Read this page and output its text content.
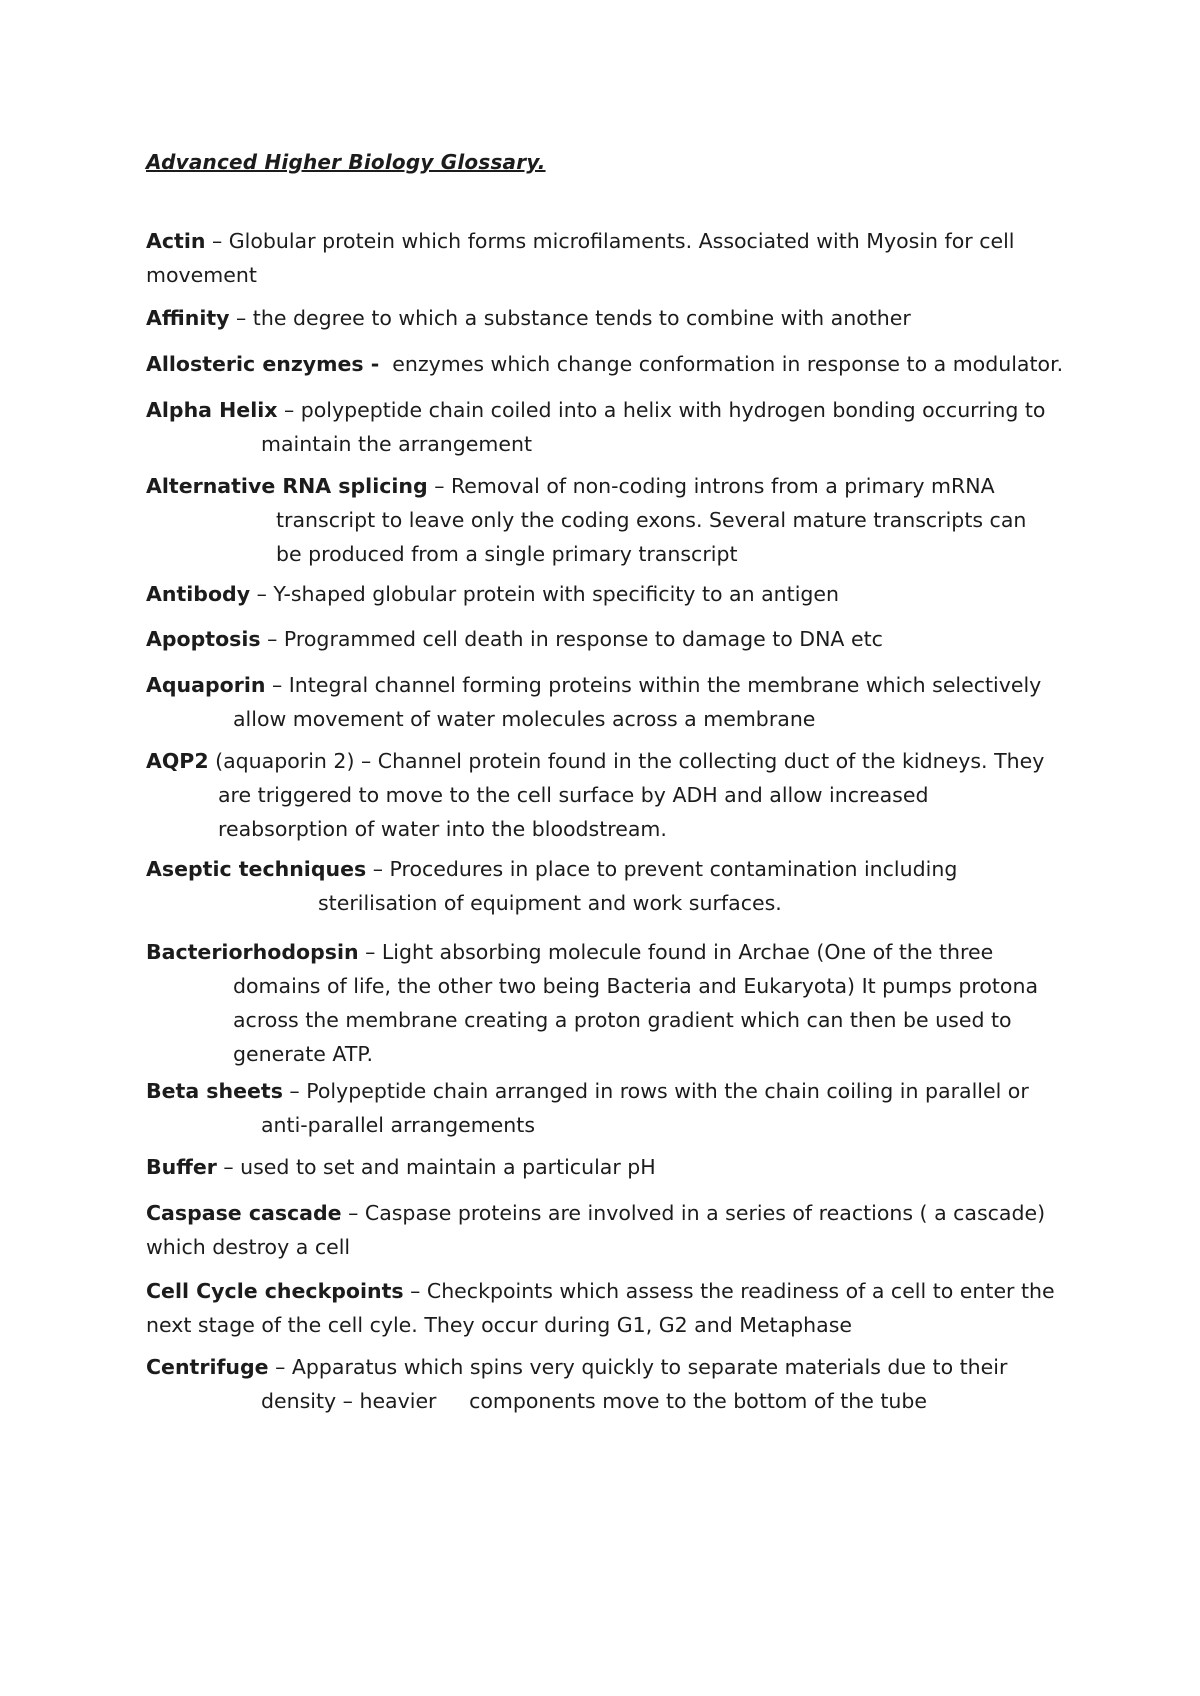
Advanced Higher Biology Glossary.
Actin – Globular protein which forms microfilaments. Associated with Myosin for cell
movement
Affinity – the degree to which a substance tends to combine with another
Allosteric enzymes -  enzymes which change conformation in response to a modulator.
Alpha Helix – polypeptide chain coiled into a helix with hydrogen bonding occurring to
maintain the arrangement
Alternative RNA splicing – Removal of non-coding introns from a primary mRNA
transcript to leave only the coding exons. Several mature transcripts can
be produced from a single primary transcript
Antibody – Y-shaped globular protein with specificity to an antigen
Apoptosis – Programmed cell death in response to damage to DNA etc
Aquaporin – Integral channel forming proteins within the membrane which selectively
allow movement of water molecules across a membrane
AQP2 (aquaporin 2) – Channel protein found in the collecting duct of the kidneys. They
are triggered to move to the cell surface by ADH and allow increased
reabsorption of water into the bloodstream.
Aseptic techniques – Procedures in place to prevent contamination including
sterilisation of equipment and work surfaces.
Bacteriorhodopsin – Light absorbing molecule found in Archae (One of the three
domains of life, the other two being Bacteria and Eukaryota) It pumps protona
across the membrane creating a proton gradient which can then be used to
generate ATP.
Beta sheets – Polypeptide chain arranged in rows with the chain coiling in parallel or
anti-parallel arrangements
Buffer – used to set and maintain a particular pH
Caspase cascade – Caspase proteins are involved in a series of reactions ( a cascade)
which destroy a cell
Cell Cycle checkpoints – Checkpoints which assess the readiness of a cell to enter the
next stage of the cell cyle. They occur during G1, G2 and Metaphase
Centrifuge – Apparatus which spins very quickly to separate materials due to their
density – heavier     components move to the bottom of the tube
